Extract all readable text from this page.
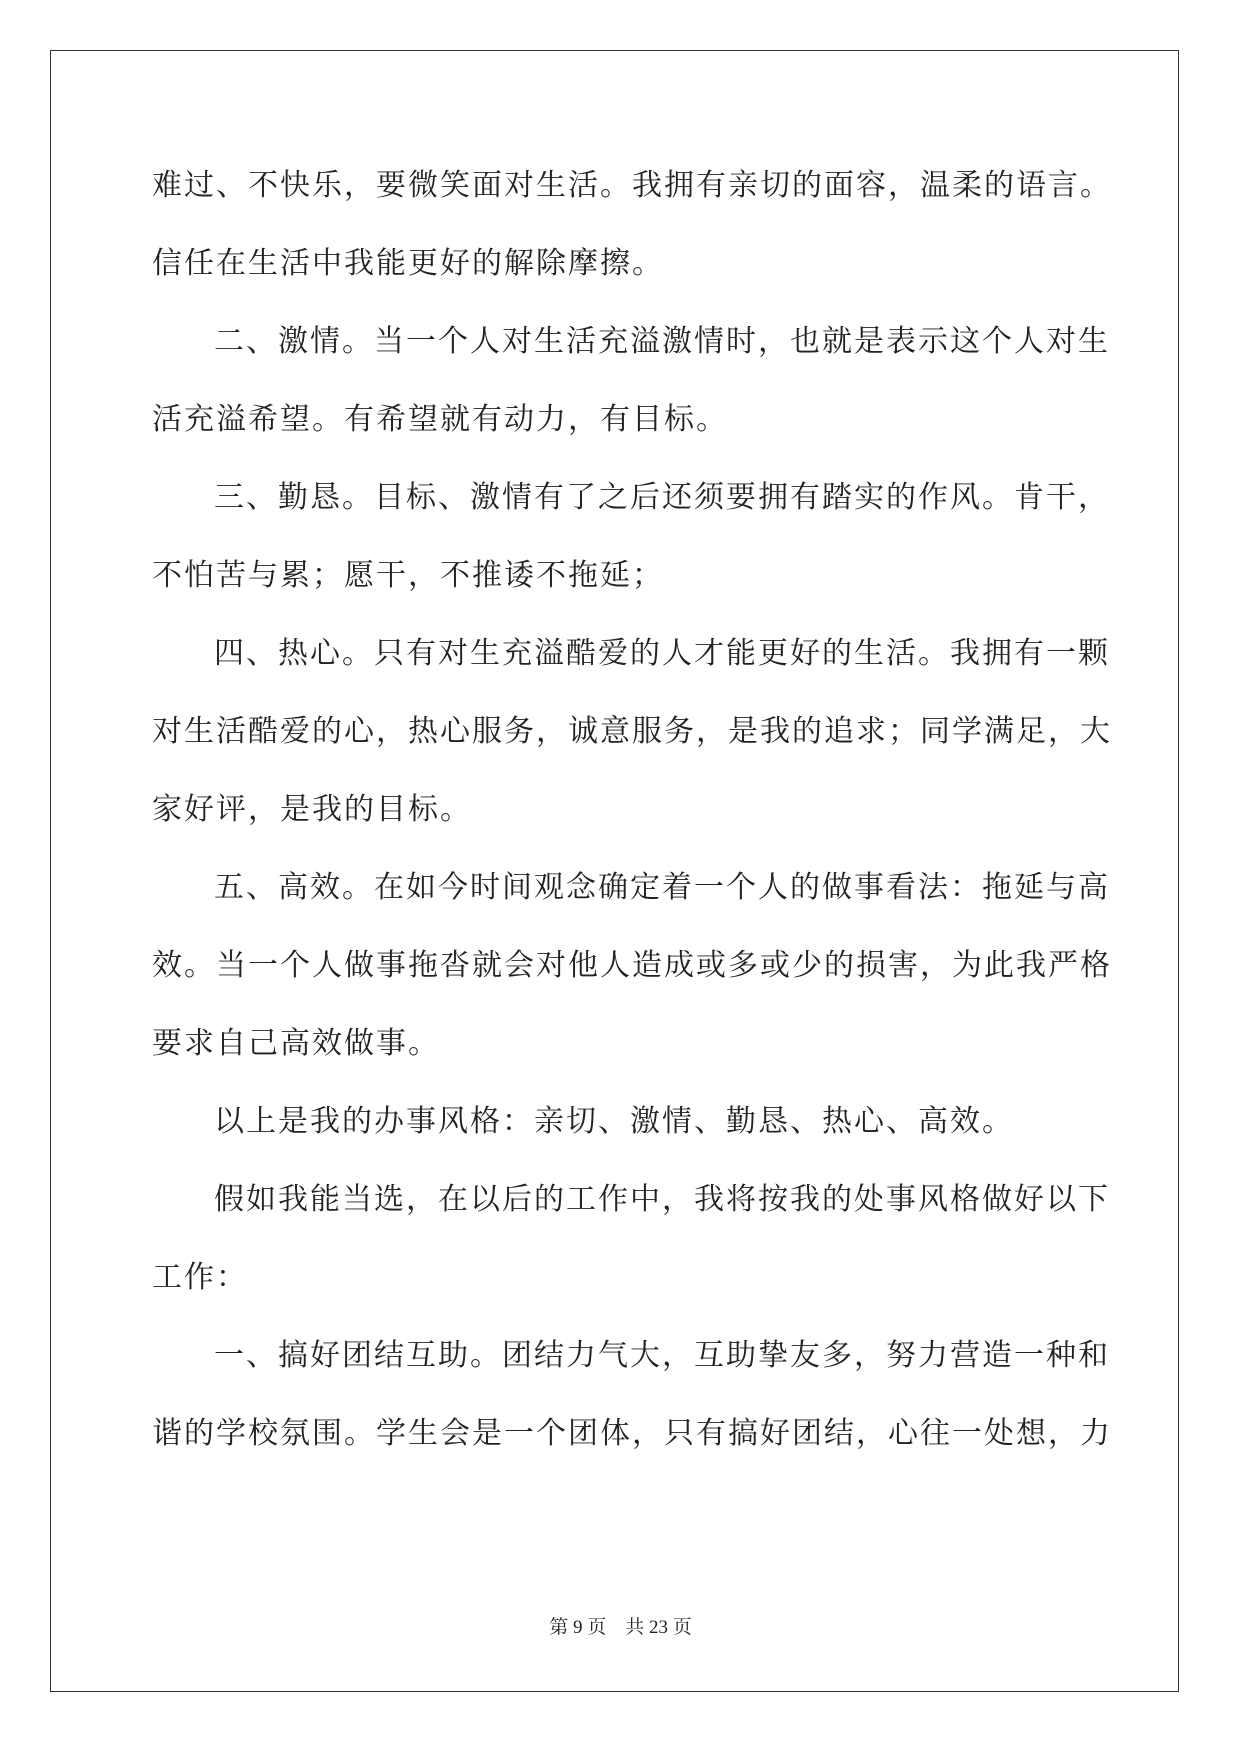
难过、不快乐，要微笑面对生活。我拥有亲切的面容，温柔的语言。
信任在生活中我能更好的解除摩擦。
二、激情。当一个人对生活充溢激情时，也就是表示这个人对生
活充溢希望。有希望就有动力，有目标。
三、勤恳。目标、激情有了之后还须要拥有踏实的作风。肯干，
不怕苦与累；愿干，不推诿不拖延；
四、热心。只有对生充溢酷爱的人才能更好的生活。我拥有一颗
对生活酷爱的心，热心服务，诚意服务，是我的追求；同学满足，大
家好评，是我的目标。
五、高效。在如今时间观念确定着一个人的做事看法：拖延与高
效。当一个人做事拖沓就会对他人造成或多或少的损害，为此我严格
要求自己高效做事。
以上是我的办事风格：亲切、激情、勤恳、热心、高效。
假如我能当选，在以后的工作中，我将按我的处事风格做好以下
工作：
一、搞好团结互助。团结力气大，互助挚友多，努力营造一种和
谐的学校氛围。学生会是一个团体，只有搞好团结，心往一处想，力
第 9 页　共 23 页
